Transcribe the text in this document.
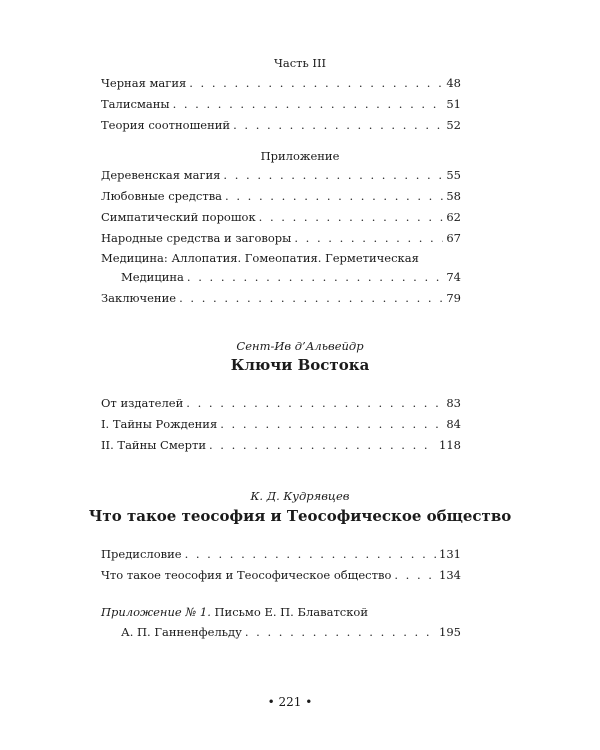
Часть III
Черная магия . . .	48
Талисманы . . .	51
Теория соотношений . . .	52
Приложение
Деревенская магия . . .	55
Любовные средства . . .	58
Симпатический порошок . . .	62
Народные средства и заговоры . . .	67
Медицина: Аллопатия. Гомеопатия. Герметическая
Медицина . . .	74
Заключение . . .	79
Сент-Ив д’Альвейдр
Ключи Востока
От издателей . . .	83
I. Тайны Рождения . . .	84
II. Тайны Смерти . . .	118
К. Д. Кудрявцев
Что такое теософия и Теософическое общество
Предисловие . . .	131
Что такое теософия и Теософическое общество . . .	134
Приложение № 1. Письмо Е. П. Блаватской
А. П. Ганненфельду . . .	195
• 221 •
